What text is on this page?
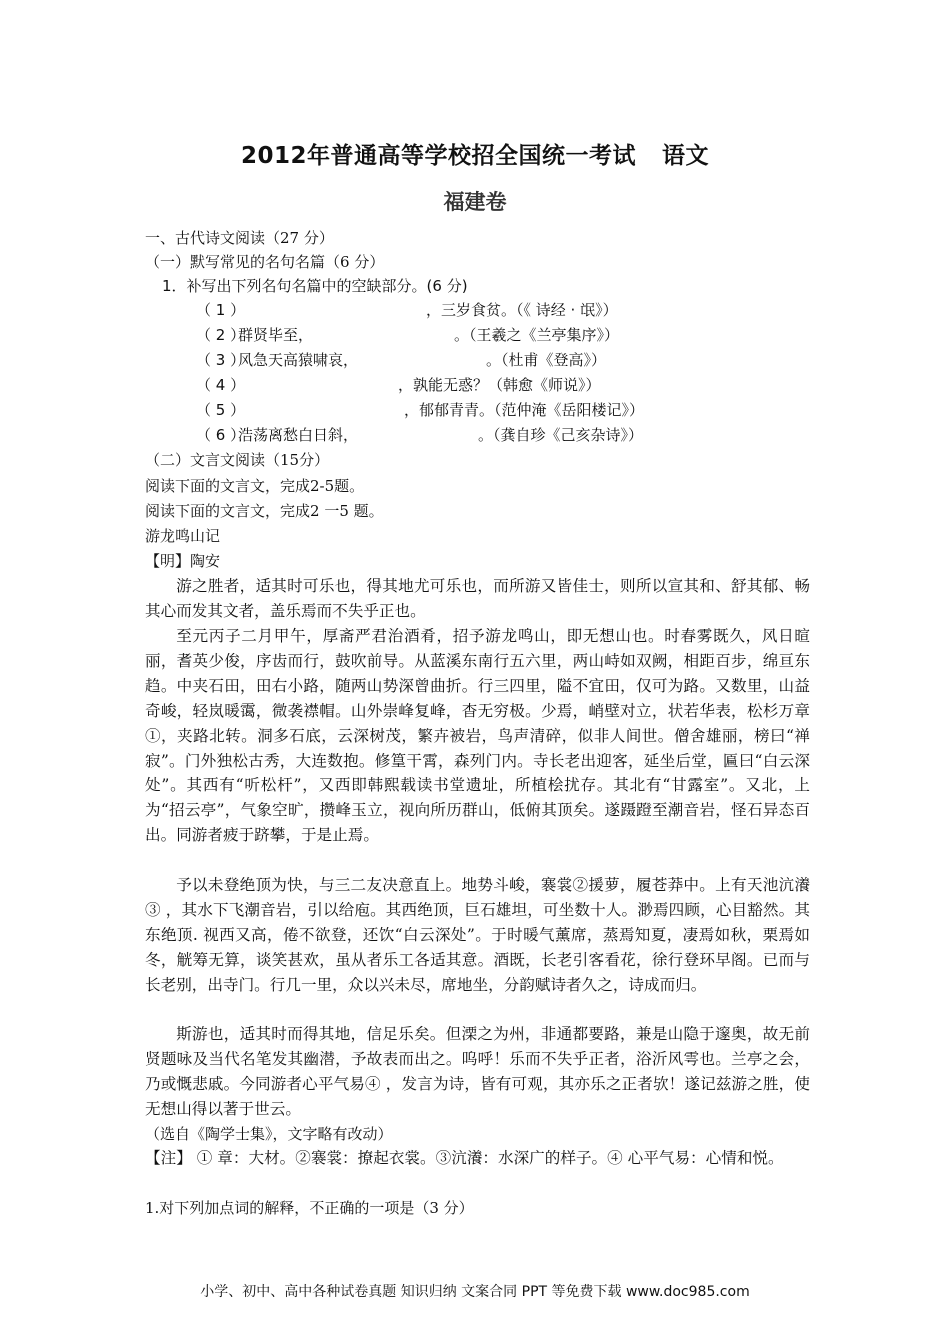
2012年普通高等学校招全国统一考试 语文
福建卷
一、古代诗文阅读（27 分）
（一）默写常见的名句名篇（6 分）
1．补写出下列名句名篇中的空缺部分。(6 分)
（ 1 ）	，三岁食贫。（《 诗经 · 氓》）
（ 2 ）群贤毕至，	。（王羲之《兰亭集序》）
（ 3 ）风急天高猿啸哀，	。（杜甫《登高》）
（ 4 ）	，孰能无惑？（韩愈《师说》）
（ 5 ）	，郁郁青青。（范仲淹《岳阳楼记》）
（ 6 ）浩荡离愁白日斜，	。（龚自珍《己亥杂诗》）
（二）文言文阅读（15分）
阅读下面的文言文，完成2-5题。
阅读下面的文言文，完成2 一5 题。
游龙鸣山记
【明】陶安
游之胜者，适其时可乐也，得其地尤可乐也，而所游又皆佳士，则所以宣其和、舒其郁、畅其心而发其文者，盖乐焉而不失乎正也。
至元丙子二月甲午，厚斋严君治酒肴，招予游龙鸣山，即无想山也。时春雾既久，风日暄丽，耆英少俊，序齿而行，鼓吹前导。从蓝溪东南行五六里，两山峙如双阙，相距百步，绵亘东趋。中夹石田，田右小路，随两山势深曾曲折。行三四里，隘不宜田，仅可为路。又数里，山益奇峻，轻岚暖霭，微袭襟帽。山外崇峰复峰，杳无穷极。少焉，峭壁对立，状若华表，松杉万章①，夹路北转。洞多石底，云深树茂，繁卉被岩，鸟声清碎，似非人间世。僧舍雄丽，榜曰“禅寂”。门外独松古秀，大连数抱。修篁干霄，森列门内。寺长老出迎客，延坐后堂，匾曰“白云深处”。其西有“听松杆”，又西即韩熙载读书堂遗址，所植桧扰存。其北有“甘露室”。又北，上为“招云亭”，气象空旷，攒峰玉立，视向所历群山，低俯其顶矣。遂蹑蹬至潮音岩，怪石异态百出。同游者疲于跻攀，于是止焉。
予以未登绝顶为快，与三二友决意直上。地势斗峻，褰裳②援萝，履苍莽中。上有天池沆瀁③ ，其水下飞潮音岩，引以给庖。其西绝顶，巨石雄坦，可坐数十人。渺焉四顾，心目豁然。其东绝顶. 视西又高，倦不欲登，还饮“白云深处”。于时暖气薰席，蒸焉知夏，凄焉如秋，栗焉如冬，觥筹无算，谈笑甚欢，虽从者乐工各适其意。酒既，长老引客看花，徐行登环早阁。已而与长老别，出寺门。行几一里，众以兴未尽，席地坐，分韵赋诗者久之，诗成而归。
斯游也，适其时而得其地，信足乐矣。但溧之为州，非通都要路，兼是山隐于邃奥，故无前贤题咏及当代名笔发其幽潜，予故表而出之。呜呼！乐而不失乎正者，浴沂风雩也。兰亭之会，乃或慨悲戚。今同游者心平气易④ ，发言为诗，皆有可观，其亦乐之正者欤！遂记兹游之胜，使无想山得以著于世云。
（选自《陶学士集》，文字略有改动）
【注】 ① 章：大材。②褰裳：撩起衣裳。③沆瀁：水深广的样子。④ 心平气易：心情和悦。
1.对下列加点词的解释，不正确的一项是（3 分）
小学、初中、高中各种试卷真题 知识归纳 文案合同 PPT 等免费下载 www.doc985.com
